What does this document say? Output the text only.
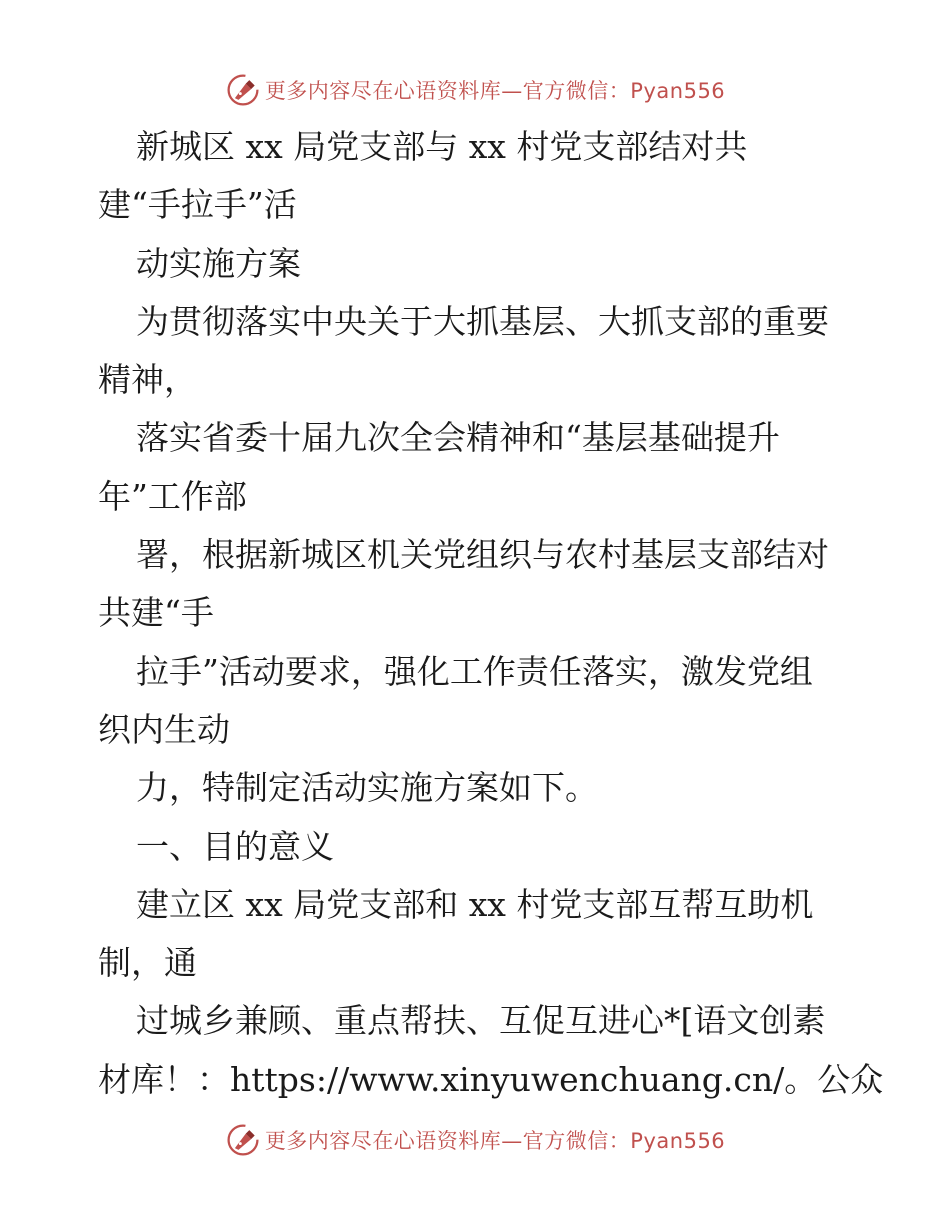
更多内容尽在心语资料库—官方微信：Pyan556
新城区 xx 局党支部与 xx 村党支部结对共
建“手拉手”活
动实施方案
为贯彻落实中央关于大抓基层、大抓支部的重要
精神，
落实省委十届九次全会精神和“基层基础提升
年”工作部
署，根据新城区机关党组织与农村基层支部结对
共建“手
拉手”活动要求，强化工作责任落实，激发党组
织内生动
力，特制定活动实施方案如下。
一、目的意义
建立区 xx 局党支部和 xx 村党支部互帮互助机
制，通
过城乡兼顾、重点帮扶、互促互进心*[语文创素
材库！：https://www.xinyuwenchuang.cn/。公众
更多内容尽在心语资料库—官方微信：Pyan556
